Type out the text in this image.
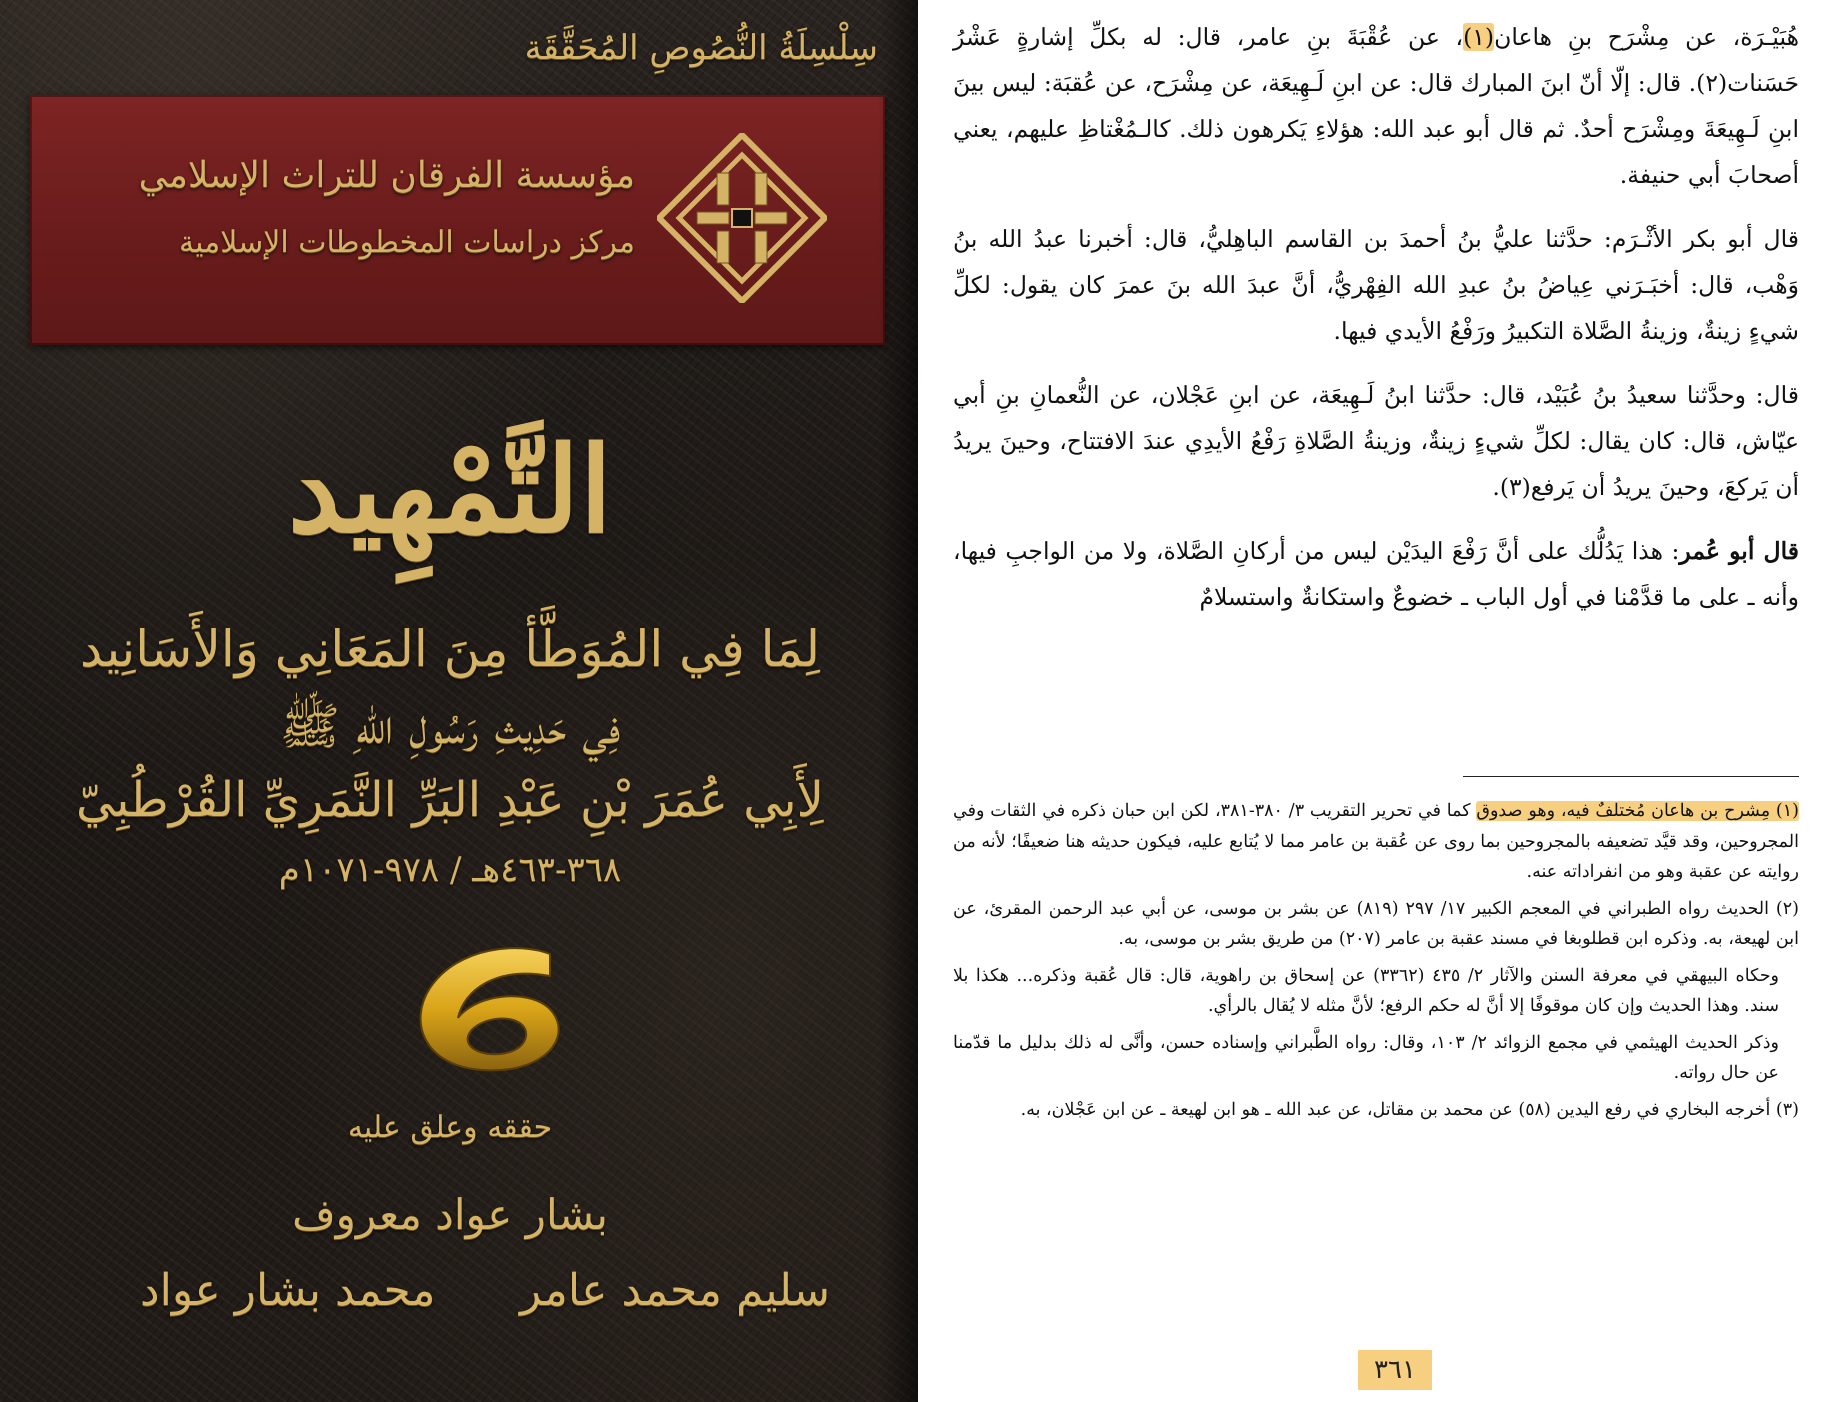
سِلْسِلَةُ النُّصُوصِ المُحَقَّقَة
مؤسسة الفرقان للتراث الإسلامي
مركز دراسات المخطوطات الإسلامية
التَّمْهِيد
لِمَا فِي المُوَطَّأ مِنَ المَعَانِي وَالأَسَانِيد
فِي حَدِيثِ رَسُولِ اللهِ ﷺ
لِأَبِي عُمَرَ بْنِ عَبْدِ البَرِّ النَّمَرِيِّ القُرْطُبِيّ
٣٦٨-٤٦٣هـ / ٩٧٨-١٠٧١م
حققه وعلق عليه
بشار عواد معروف
سليم محمد عامر
محمد بشار عواد

هُبَيْـرَة، عن مِشْرَح بنِ هاعان(١)، عن عُقْبَةَ بنِ عامر، قال: له بكلِّ إشارةٍ عَشْرُ حَسَنات(٢). قال: إلّا أنّ ابنَ المبارك قال: عن ابنِ لَـهِيعَة، عن مِشْرَح، عن عُقبَة: ليس بينَ ابنِ لَـهِيعَةَ ومِشْرَح أحدٌ. ثم قال أبو عبد الله: هؤلاءِ يَكرهون ذلك. كالـمُغْتاظِ عليهم، يعني أصحابَ أبي حنيفة.

قال أبو بكر الأثْـرَم: حدَّثنا عليُّ بنُ أحمدَ بن القاسم الباهِليُّ، قال: أخبرنا عبدُ الله بنُ وَهْب، قال: أخبَـرَني عِياضُ بنُ عبدِ الله الفِهْريُّ، أنَّ عبدَ الله بنَ عمرَ كان يقول: لكلِّ شيءٍ زينةٌ، وزينةُ الصَّلاة التكبيرُ ورَفْعُ الأيدي فيها.

قال: وحدَّثنا سعيدُ بنُ عُبَيْد، قال: حدَّثنا ابنُ لَـهِيعَة، عن ابنِ عَجْلان، عن النُّعمانِ بنِ أبي عيّاش، قال: كان يقال: لكلِّ شيءٍ زينةٌ، وزينةُ الصَّلاةِ رَفْعُ الأيدِي عندَ الافتتاح، وحينَ يريدُ أن يَركعَ، وحينَ يريدُ أن يَرفع(٣).

قال أبو عُمر: هذا يَدُلُّك على أنَّ رَفْعَ اليدَيْن ليس من أركانِ الصَّلاة، ولا من الواجبِ فيها، وأنه ـ على ما قدَّمْنا في أول الباب ـ خضوعٌ واستكانةٌ واستسلامٌ

(١) مِشرح بن هاعان مُختلفٌ فيه، وهو صدوق كما في تحرير التقريب ٣/ ٣٨٠-٣٨١، لكن ابن حبان ذكره في الثقات وفي المجروحين، وقد قيَّد تضعيفه بالمجروحين بما روى عن عُقبة بن عامر مما لا يُتابع عليه، فيكون حديثه هنا ضعيفًا؛ لأنه من روايته عن عقبة وهو من انفراداته عنه.

(٢) الحديث رواه الطبراني في المعجم الكبير ١٧/ ٢٩٧ (٨١٩) عن بشر بن موسى، عن أبي عبد الرحمن المقرئ، عن ابن لهيعة، به. وذكره ابن قطلوبغا في مسند عقبة بن عامر (٢٠٧) من طريق بشر بن موسى، به.

وحكاه البيهقي في معرفة السنن والآثار ٢/ ٤٣٥ (٣٣٦٢) عن إسحاق بن راهوية، قال: قال عُقبة وذكره... هكذا بلا سند. وهذا الحديث وإن كان موقوفًا إلا أنَّ له حكم الرفع؛ لأنَّ مثله لا يُقال بالرأي.

وذكر الحديث الهيثمي في مجمع الزوائد ٢/ ١٠٣، وقال: رواه الطَّبراني وإسناده حسن، وأنَّى له ذلك بدليل ما قدّمنا عن حال رواته.

(٣) أخرجه البخاري في رفع اليدين (٥٨) عن محمد بن مقاتل، عن عبد الله ـ هو ابن لهيعة ـ عن ابن عَجْلان، به.

٣٦١
